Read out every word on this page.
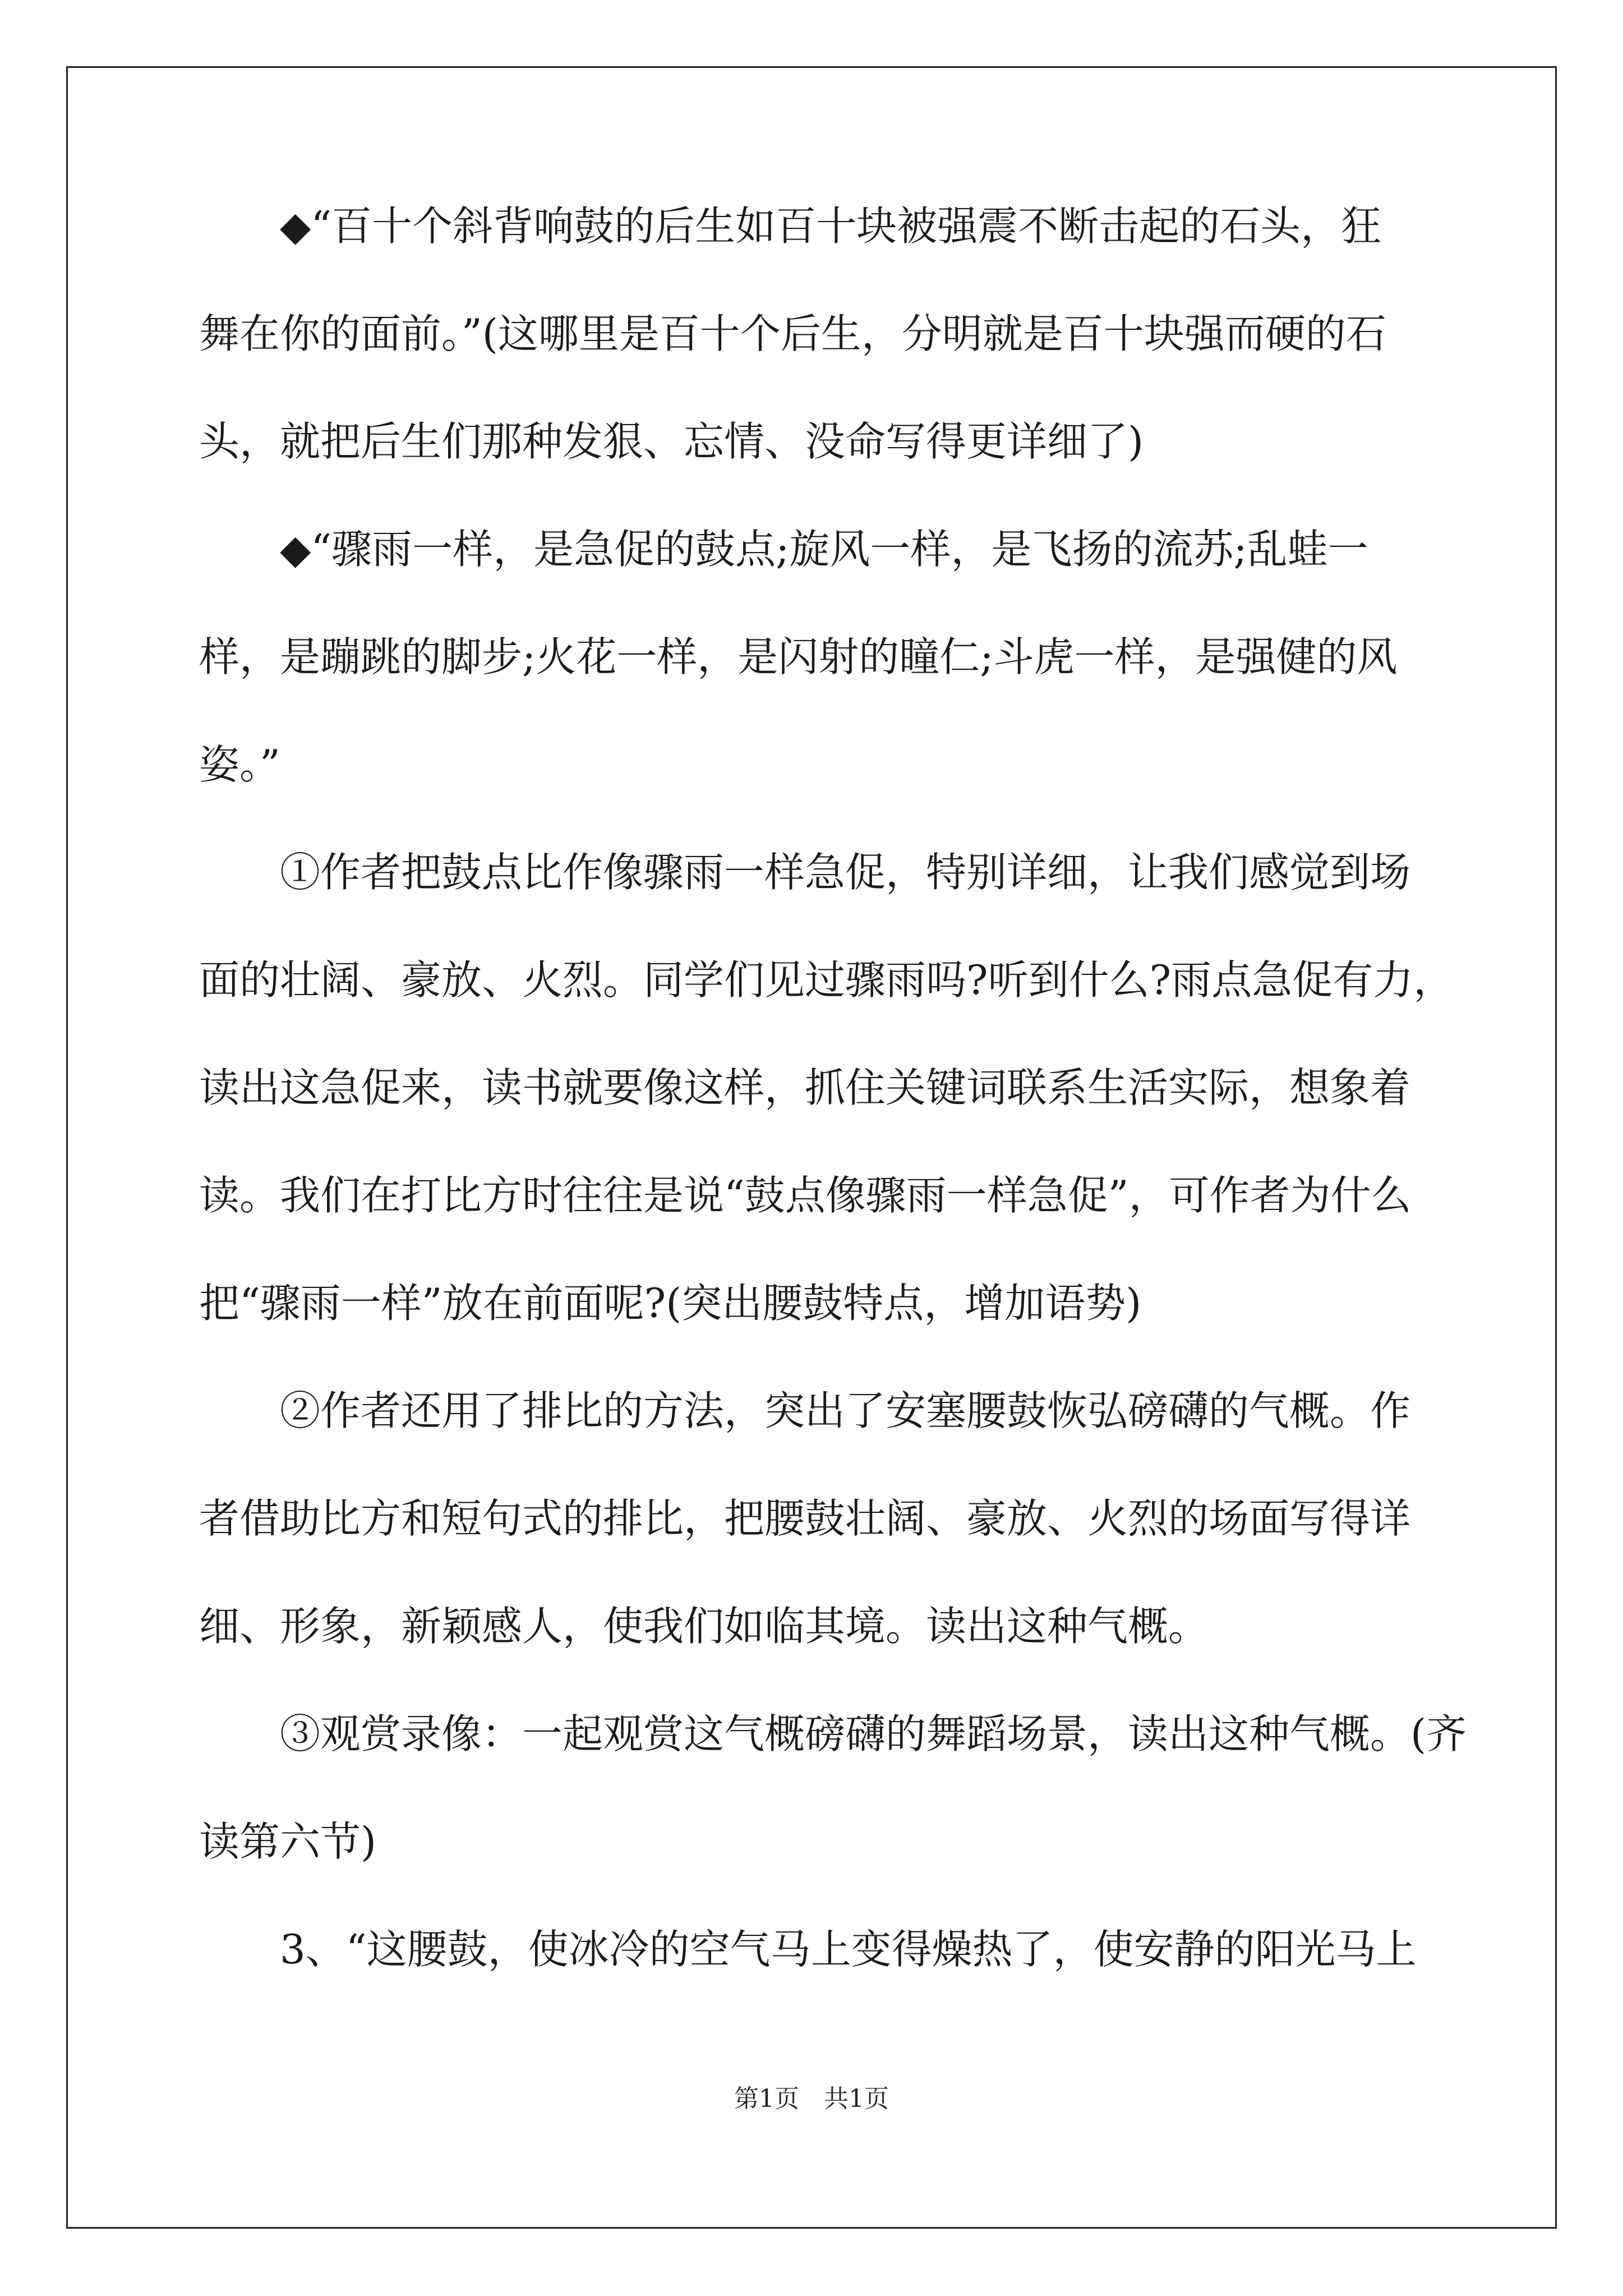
　　◆“百十个斜背响鼓的后生如百十块被强震不断击起的石头，狂
舞在你的面前。”(这哪里是百十个后生，分明就是百十块强而硬的石
头，就把后生们那种发狠、忘情、没命写得更详细了)
　　◆“骤雨一样，是急促的鼓点;旋风一样，是飞扬的流苏;乱蛙一
样，是蹦跳的脚步;火花一样，是闪射的瞳仁;斗虎一样，是强健的风
姿。”
　　①作者把鼓点比作像骤雨一样急促，特别详细，让我们感觉到场
面的壮阔、豪放、火烈。同学们见过骤雨吗?听到什么?雨点急促有力，
读出这急促来，读书就要像这样，抓住关键词联系生活实际，想象着
读。我们在打比方时往往是说“鼓点像骤雨一样急促”，可作者为什么
把“骤雨一样”放在前面呢?(突出腰鼓特点，增加语势)
　　②作者还用了排比的方法，突出了安塞腰鼓恢弘磅礴的气概。作
者借助比方和短句式的排比，把腰鼓壮阔、豪放、火烈的场面写得详
细、形象，新颖感人，使我们如临其境。读出这种气概。
　　③观赏录像：一起观赏这气概磅礴的舞蹈场景，读出这种气概。(齐
读第六节)
　　3、“这腰鼓，使冰冷的空气马上变得燥热了，使安静的阳光马上
第1页　共1页
